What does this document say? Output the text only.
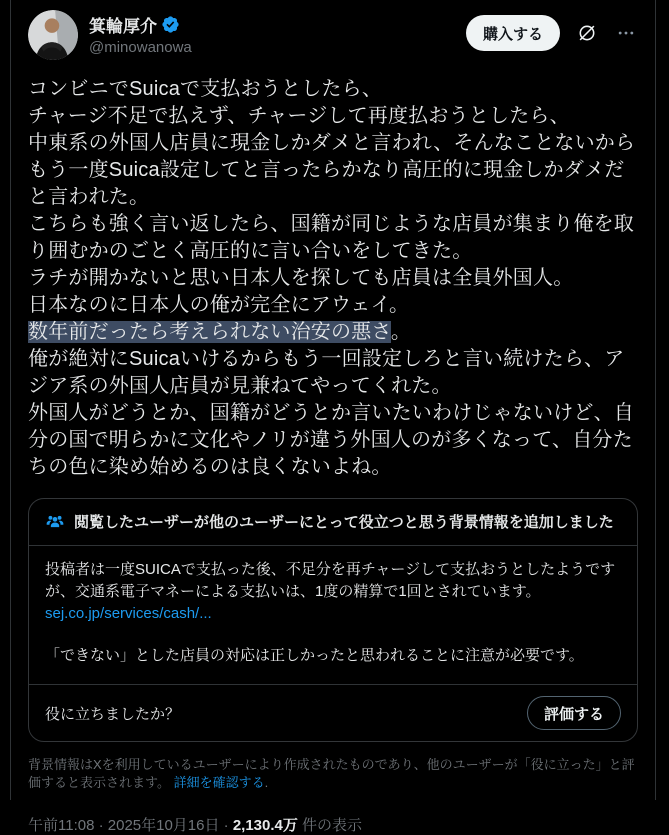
箕輪厚介
@minowanowa
購入する
コンビニでSuicaで支払おうとしたら、
チャージ不足で払えず、チャージして再度払おうとしたら、
中東系の外国人店員に現金しかダメと言われ、そんなことないからもう一度Suica設定してと言ったらかなり高圧的に現金しかダメだと言われた。
こちらも強く言い返したら、国籍が同じような店員が集まり俺を取り囲むかのごとく高圧的に言い合いをしてきた。
ラチが開かないと思い日本人を探しても店員は全員外国人。
日本なのに日本人の俺が完全にアウェイ。
数年前だったら考えられない治安の悪さ。
俺が絶対にSuicaいけるからもう一回設定しろと言い続けたら、アジア系の外国人店員が見兼ねてやってくれた。
外国人がどうとか、国籍がどうとか言いたいわけじゃないけど、自分の国で明らかに文化やノリが違う外国人のが多くなって、自分たちの色に染め始めるのは良くないよね。
閲覧したユーザーが他のユーザーにとって役立つと思う背景情報を追加しました
投稿者は一度SUICAで支払った後、不足分を再チャージして支払おうとしたようですが、交通系電子マネーによる支払いは、1度の精算で1回とされています。 sej.co.jp/services/cash/...
「できない」とした店員の対応は正しかったと思われることに注意が必要です。
役に立ちましたか？	評価する
背景情報はXを利用しているユーザーにより作成されたものであり、他のユーザーが「役に立った」と評価すると表示されます。 詳細を確認する.
午前11:08 · 2025年10月16日 · 2,130.4万 件の表示
